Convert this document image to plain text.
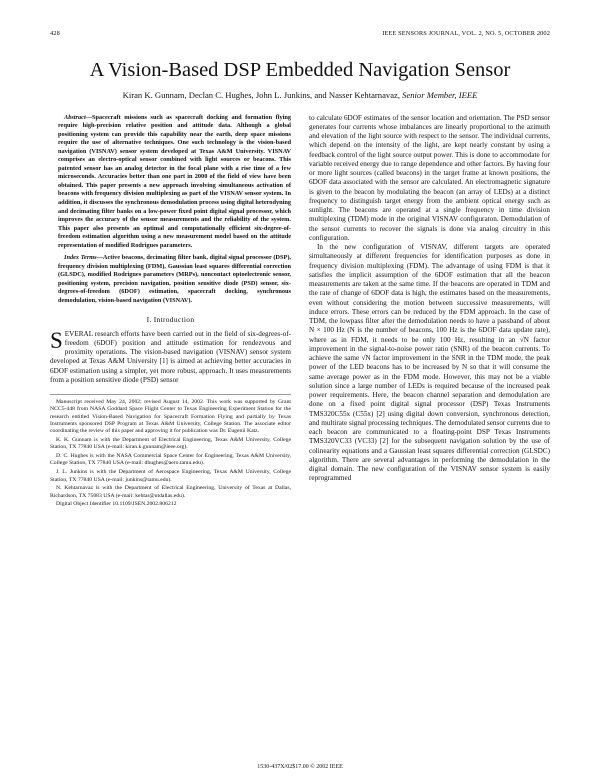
428	IEEE SENSORS JOURNAL, VOL. 2, NO. 5, OCTOBER 2002
A Vision-Based DSP Embedded Navigation Sensor
Kiran K. Gunnam, Declan C. Hughes, John L. Junkins, and Nasser Kehtarnavaz, Senior Member, IEEE

Abstract—Spacecraft missions such as spacecraft docking and formation flying require high-precision relative position and attitude data. Although a global positioning system can provide this capability near the earth, deep space missions require the use of alternative techniques. One such technology is the vision-based navigation (VISNAV) sensor system developed at Texas A&M University. VISNAV comprises an electro-optical sensor combined with light sources or beacons. This patented sensor has an analog detector in the focal plane with a rise time of a few microseconds. Accuracies better than one part in 2000 of the field of view have been obtained. This paper presents a new approach involving simultaneous activation of beacons with frequency division multiplexing as part of the VISNAV sensor system. In addition, it discusses the synchronous demodulation process using digital heterodyning and decimating filter banks on a low-power fixed point digital signal processor, which improves the accuracy of the sensor measurements and the reliability of the system. This paper also presents an optimal and computationally efficient six-degree-of-freedom estimation algorithm using a new measurement model based on the attitude representation of modified Rodrigues parameters.

Index Terms—Active beacons, decimating filter bank, digital signal processor (DSP), frequency division multiplexing (FDM), Gaussian least squares differential correction (GLSDC), modified Rodrigues parameters (MRPs), noncontact optoelectronic sensor, positioning system, precision navigation, position sensitive diode (PSD) sensor, six-degrees-of-freedom (6DOF) estimation, spacecraft docking, synchronous demodulation, vision-based navigation (VISNAV).

I. Introduction

SEVERAL research efforts have been carried out in the field of six-degrees-of-freedom (6DOF) position and attitude estimation for rendezvous and proximity operations. The vision-based navigation (VISNAV) sensor system developed at Texas A&M University [1] is aimed at achieving better accuracies in 6DOF estimation using a simpler, yet more robust, approach. It uses measurements from a position sensitive diode (PSD) sensor

Manuscript received May 24, 2002; revised August 14, 2002. This work was supported by Grant NCC5-448 from NASA Goddard Space Flight Center to Texas Engineering Experiment Station for the research entitled Vision-Based Navigation for Spacecraft Formation Flying and partially by Texas Instruments sponsored DSP Program at Texas A&M University, College Station. The associate editor coordinating the review of this paper and approving it for publication was Dr. Eugenii Katz.

K. K. Gunnam is with the Department of Electrical Engineering, Texas A&M University, College Station, TX 77840 USA (e-mail: kiran.k.gunnam@ieee.org).

D. C. Hughes is with the NASA Commercial Space Center for Engineering, Texas A&M University, College Station, TX 77840 USA (e-mail: dhughes@aero.tamu.edu).

J. L. Junkins is with the Department of Aerospace Engineering, Texas A&M University, College Station, TX 77840 USA (e-mail: junkins@tamu.edu).

N. Kehtarnavaz is with the Department of Electrical Engineering, University of Texas at Dallas, Richardson, TX 75083 USA (e-mail: kehtar@utdallas.edu).

Digital Object Identifier 10.1109/JSEN.2002.806212

to calculate 6DOF estimates of the sensor location and orientation. The PSD sensor generates four currents whose imbalances are linearly proportional to the azimuth and elevation of the light source with respect to the sensor. The individual currents, which depend on the intensity of the light, are kept nearly constant by using a feedback control of the light source output power. This is done to accommodate for variable received energy due to range dependence and other factors. By having four or more light sources (called beacons) in the target frame at known positions, the 6DOF data associated with the sensor are calculated. An electromagnetic signature is given to the beacon by modulating the beacon (an array of LEDs) at a distinct frequency to distinguish target energy from the ambient optical energy such as sunlight. The beacons are operated at a single frequency in time division multiplexing (TDM) mode in the original VISNAV configuraton. Demodulation of the sensor currents to recover the signals is done via analog circuitry in this configuration.

In the new configuration of VISNAV, different targets are operated simultaneously at different frequencies for identification purposes as done in frequency division multiplexing (FDM). The advantage of using FDM is that it satisfies the implicit assumption of the 6DOF estimation that all the beacon measurements are taken at the same time. If the beacons are operated in TDM and the rate of change of 6DOF data is high, the estimates based on the measurements, even without considering the motion between successive measurements, will induce errors. These errors can be reduced by the FDM approach. In the case of TDM, the lowpass filter after the demodulation needs to have a passband of about N × 100 Hz (N is the number of beacons, 100 Hz is the 6DOF data update rate), where as in FDM, it needs to be only 100 Hz, resulting in an √N factor improvement in the signal-to-noise power ratio (SNR) of the beacon currents. To achieve the same √N factor improvement in the SNR in the TDM mode, the peak power of the LED beacons has to be increased by N so that it will consume the same average power as in the FDM mode. However, this may not be a viable solution since a large number of LEDs is required because of the increased peak power requirements. Here, the beacon channel separation and demodulation are done on a fixed point digital signal processor (DSP) Texas Instruments TMS320C55x (C55x) [2] using digital down conversion, synchronous detection, and multirate signal processing techniques. The demodulated sensor currents due to each beacon are communicated to a floating-point DSP Texas Instruments TMS320VC33 (VC33) [2] for the subsequent navigation solution by the use of colinearity equations and a Gaussian least squares differential correction (GLSDC) algorithm. There are several advantages in performing the demodulation in the digital domain. The new configuration of the VISNAV sensor system is easily reprogrammed

1530-437X/02$17.00 © 2002 IEEE
